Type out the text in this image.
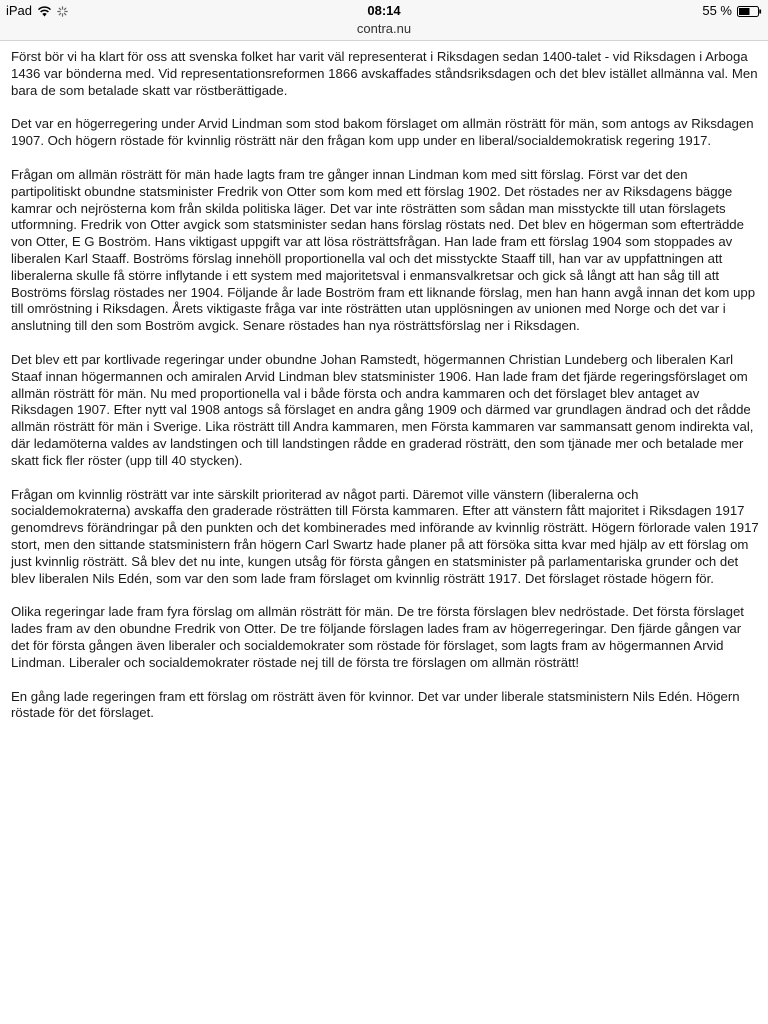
iPad	08:14	55 %
contra.nu

Först bör vi ha klart för oss att svenska folket har varit väl representerat i Riksdagen sedan 1400-talet - vid Riksdagen i Arboga 1436 var bönderna med. Vid representationsreformen 1866 avskaffades ståndsriksdagen och det blev istället allmänna val. Men bara de som betalade skatt var röstberättigade.

Det var en högerregering under Arvid Lindman som stod bakom förslaget om allmän rösträtt för män, som antogs av Riksdagen 1907. Och högern röstade för kvinnlig rösträtt när den frågan kom upp under en liberal/socialdemokratisk regering 1917.

Frågan om allmän rösträtt för män hade lagts fram tre gånger innan Lindman kom med sitt förslag. Först var det den partipolitiskt obundne statsminister Fredrik von Otter som kom med ett förslag 1902. Det röstades ner av Riksdagens bägge kamrar och nejrösterna kom från skilda politiska läger. Det var inte rösträtten som sådan man misstyckte till utan förslagets utformning. Fredrik von Otter avgick som statsminister sedan hans förslag röstats ned. Det blev en högerman som efterträdde von Otter, E G Boström. Hans viktigast uppgift var att lösa rösträttsfrågan. Han lade fram ett förslag 1904 som stoppades av liberalen Karl Staaff. Boströms förslag innehöll proportionella val och det misstyckte Staaff till, han var av uppfattningen att liberalerna skulle få större inflytande i ett system med majoritetsval i enmansvalkretsar och gick så långt att han såg till att Boströms förslag röstades ner 1904. Följande år lade Boström fram ett liknande förslag, men han hann avgå innan det kom upp till omröstning i Riksdagen. Årets viktigaste fråga var inte rösträtten utan upplösningen av unionen med Norge och det var i anslutning till den som Boström avgick. Senare röstades han nya rösträttsförslag ner i Riksdagen.

Det blev ett par kortlivade regeringar under obundne Johan Ramstedt, högermannen Christian Lundeberg och liberalen Karl Staaf innan högermannen och amiralen Arvid Lindman blev statsminister 1906. Han lade fram det fjärde regeringsförslaget om allmän rösträtt för män. Nu med proportionella val i både första och andra kammaren och det förslaget blev antaget av Riksdagen 1907. Efter nytt val 1908 antogs så förslaget en andra gång 1909 och därmed var grundlagen ändrad och det rådde allmän rösträtt för män i Sverige. Lika rösträtt till Andra kammaren, men Första kammaren var sammansatt genom indirekta val, där ledamöterna valdes av landstingen och till landstingen rådde en graderad rösträtt, den som tjänade mer och betalade mer skatt fick fler röster (upp till 40 stycken).

Frågan om kvinnlig rösträtt var inte särskilt prioriterad av något parti. Däremot ville vänstern (liberalerna och socialdemokraterna) avskaffa den graderade rösträtten till Första kammaren. Efter att vänstern fått majoritet i Riksdagen 1917 genomdrevs förändringar på den punkten och det kombinerades med införande av kvinnlig rösträtt. Högern förlorade valen 1917 stort, men den sittande statsministern från högern Carl Swartz hade planer på att försöka sitta kvar med hjälp av ett förslag om just kvinnlig rösträtt. Så blev det nu inte, kungen utsåg för första gången en statsminister på parlamentariska grunder och det blev liberalen Nils Edén, som var den som lade fram förslaget om kvinnlig rösträtt 1917. Det förslaget röstade högern för.

Olika regeringar lade fram fyra förslag om allmän rösträtt för män. De tre första förslagen blev nedröstade. Det första förslaget lades fram av den obundne Fredrik von Otter. De tre följande förslagen lades fram av högerregeringar. Den fjärde gången var det för första gången även liberaler och socialdemokrater som röstade för förslaget, som lagts fram av högermannen Arvid Lindman. Liberaler och socialdemokrater röstade nej till de första tre förslagen om allmän rösträtt!

En gång lade regeringen fram ett förslag om rösträtt även för kvinnor. Det var under liberale statsministern Nils Edén. Högern röstade för det förslaget.
